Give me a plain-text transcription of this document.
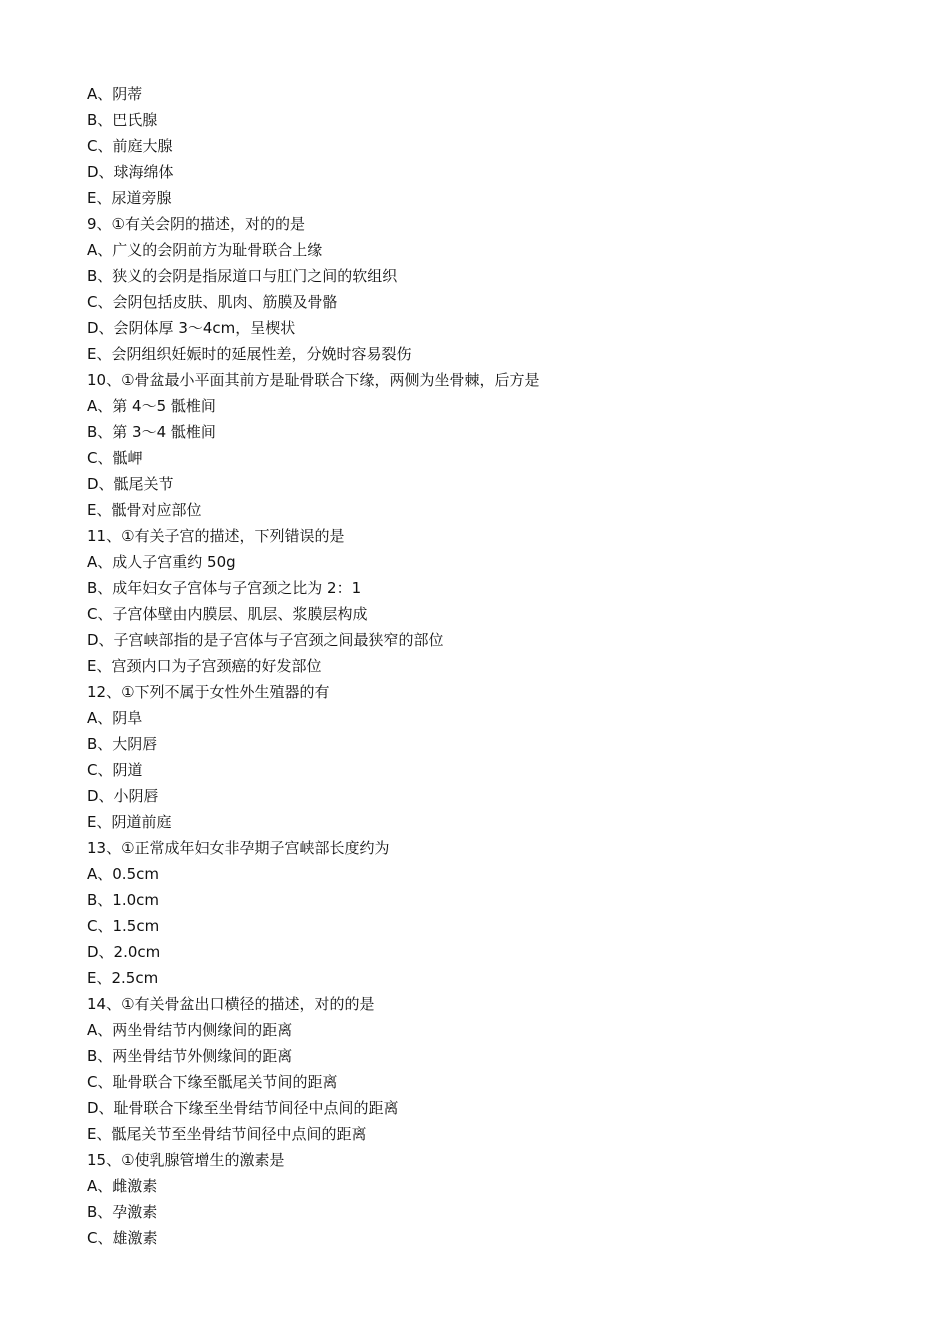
A、阴蒂
B、巴氏腺
C、前庭大腺
D、球海绵体
E、尿道旁腺
9、①有关会阴的描述，对的的是
A、广义的会阴前方为耻骨联合上缘
B、狭义的会阴是指尿道口与肛门之间的软组织
C、会阴包括皮肤、肌肉、筋膜及骨骼
D、会阴体厚 3～4cm，呈楔状
E、会阴组织妊娠时的延展性差，分娩时容易裂伤
10、①骨盆最小平面其前方是耻骨联合下缘，两侧为坐骨棘，后方是
A、第 4～5 骶椎间
B、第 3～4 骶椎间
C、骶岬
D、骶尾关节
E、骶骨对应部位
11、①有关子宫的描述，下列错误的是
A、成人子宫重约 50g
B、成年妇女子宫体与子宫颈之比为 2：1
C、子宫体壁由内膜层、肌层、浆膜层构成
D、子宫峡部指的是子宫体与子宫颈之间最狭窄的部位
E、宫颈内口为子宫颈癌的好发部位
12、①下列不属于女性外生殖器的有
A、阴阜
B、大阴唇
C、阴道
D、小阴唇
E、阴道前庭
13、①正常成年妇女非孕期子宫峡部长度约为
A、0.5cm
B、1.0cm
C、1.5cm
D、2.0cm
E、2.5cm
14、①有关骨盆出口横径的描述，对的的是
A、两坐骨结节内侧缘间的距离
B、两坐骨结节外侧缘间的距离
C、耻骨联合下缘至骶尾关节间的距离
D、耻骨联合下缘至坐骨结节间径中点间的距离
E、骶尾关节至坐骨结节间径中点间的距离
15、①使乳腺管增生的激素是
A、雌激素
B、孕激素
C、雄激素
